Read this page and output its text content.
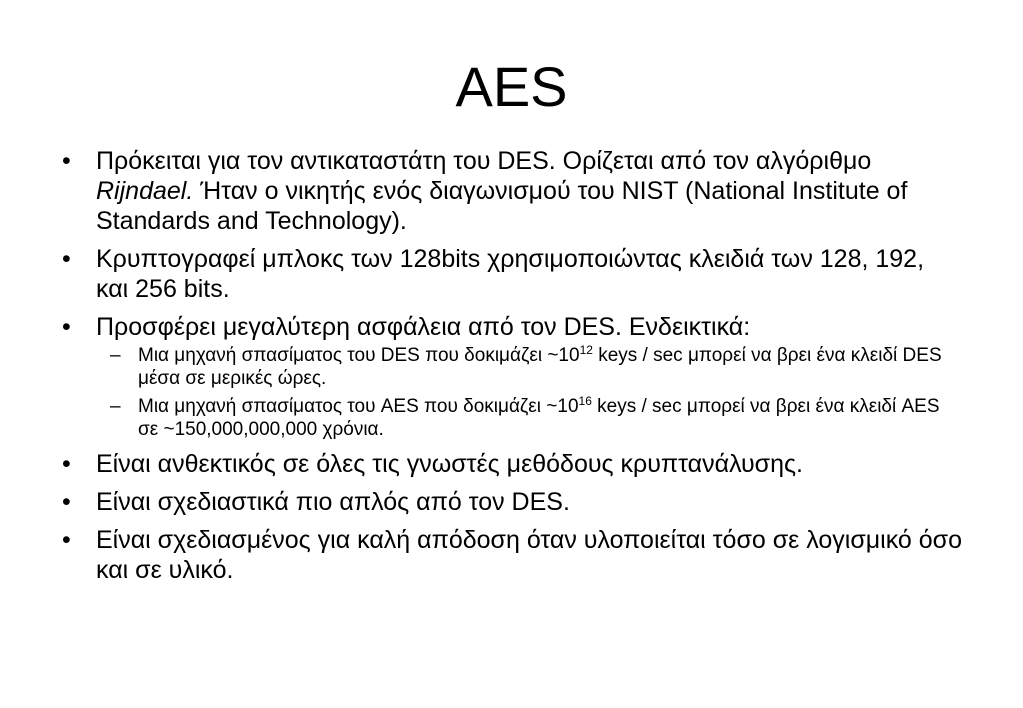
AES
• Πρόκειται για τον αντικαταστάτη του DES. Ορίζεται από τον αλγόριθμο Rijndael. Ήταν ο νικητής ενός διαγωνισμού του NIST (National Institute of Standards and Technology).
• Κρυπτογραφεί μπλοκς των 128bits χρησιμοποιώντας κλειδιά των 128, 192, και 256 bits.
• Προσφέρει μεγαλύτερη ασφάλεια από τον DES. Ενδεικτικά:
– Μια μηχανή σπασίματος του DES που δοκιμάζει $\sim 10^{12}$ keys / sec μπορεί να βρει ένα κλειδί DES μέσα σε μερικές ώρες.
– Μια μηχανή σπασίματος του AES που δοκιμάζει $\sim 10^{16}$ keys / sec μπορεί να βρει ένα κλειδί AES σε ~150,000,000,000 χρόνια.
• Είναι ανθεκτικός σε όλες τις γνωστές μεθόδους κρυπτανάλυσης.
• Είναι σχεδιαστικά πιο απλός από τον DES.
• Είναι σχεδιασμένος για καλή απόδοση όταν υλοποιείται τόσο σε λογισμικό όσο και σε υλικό.
